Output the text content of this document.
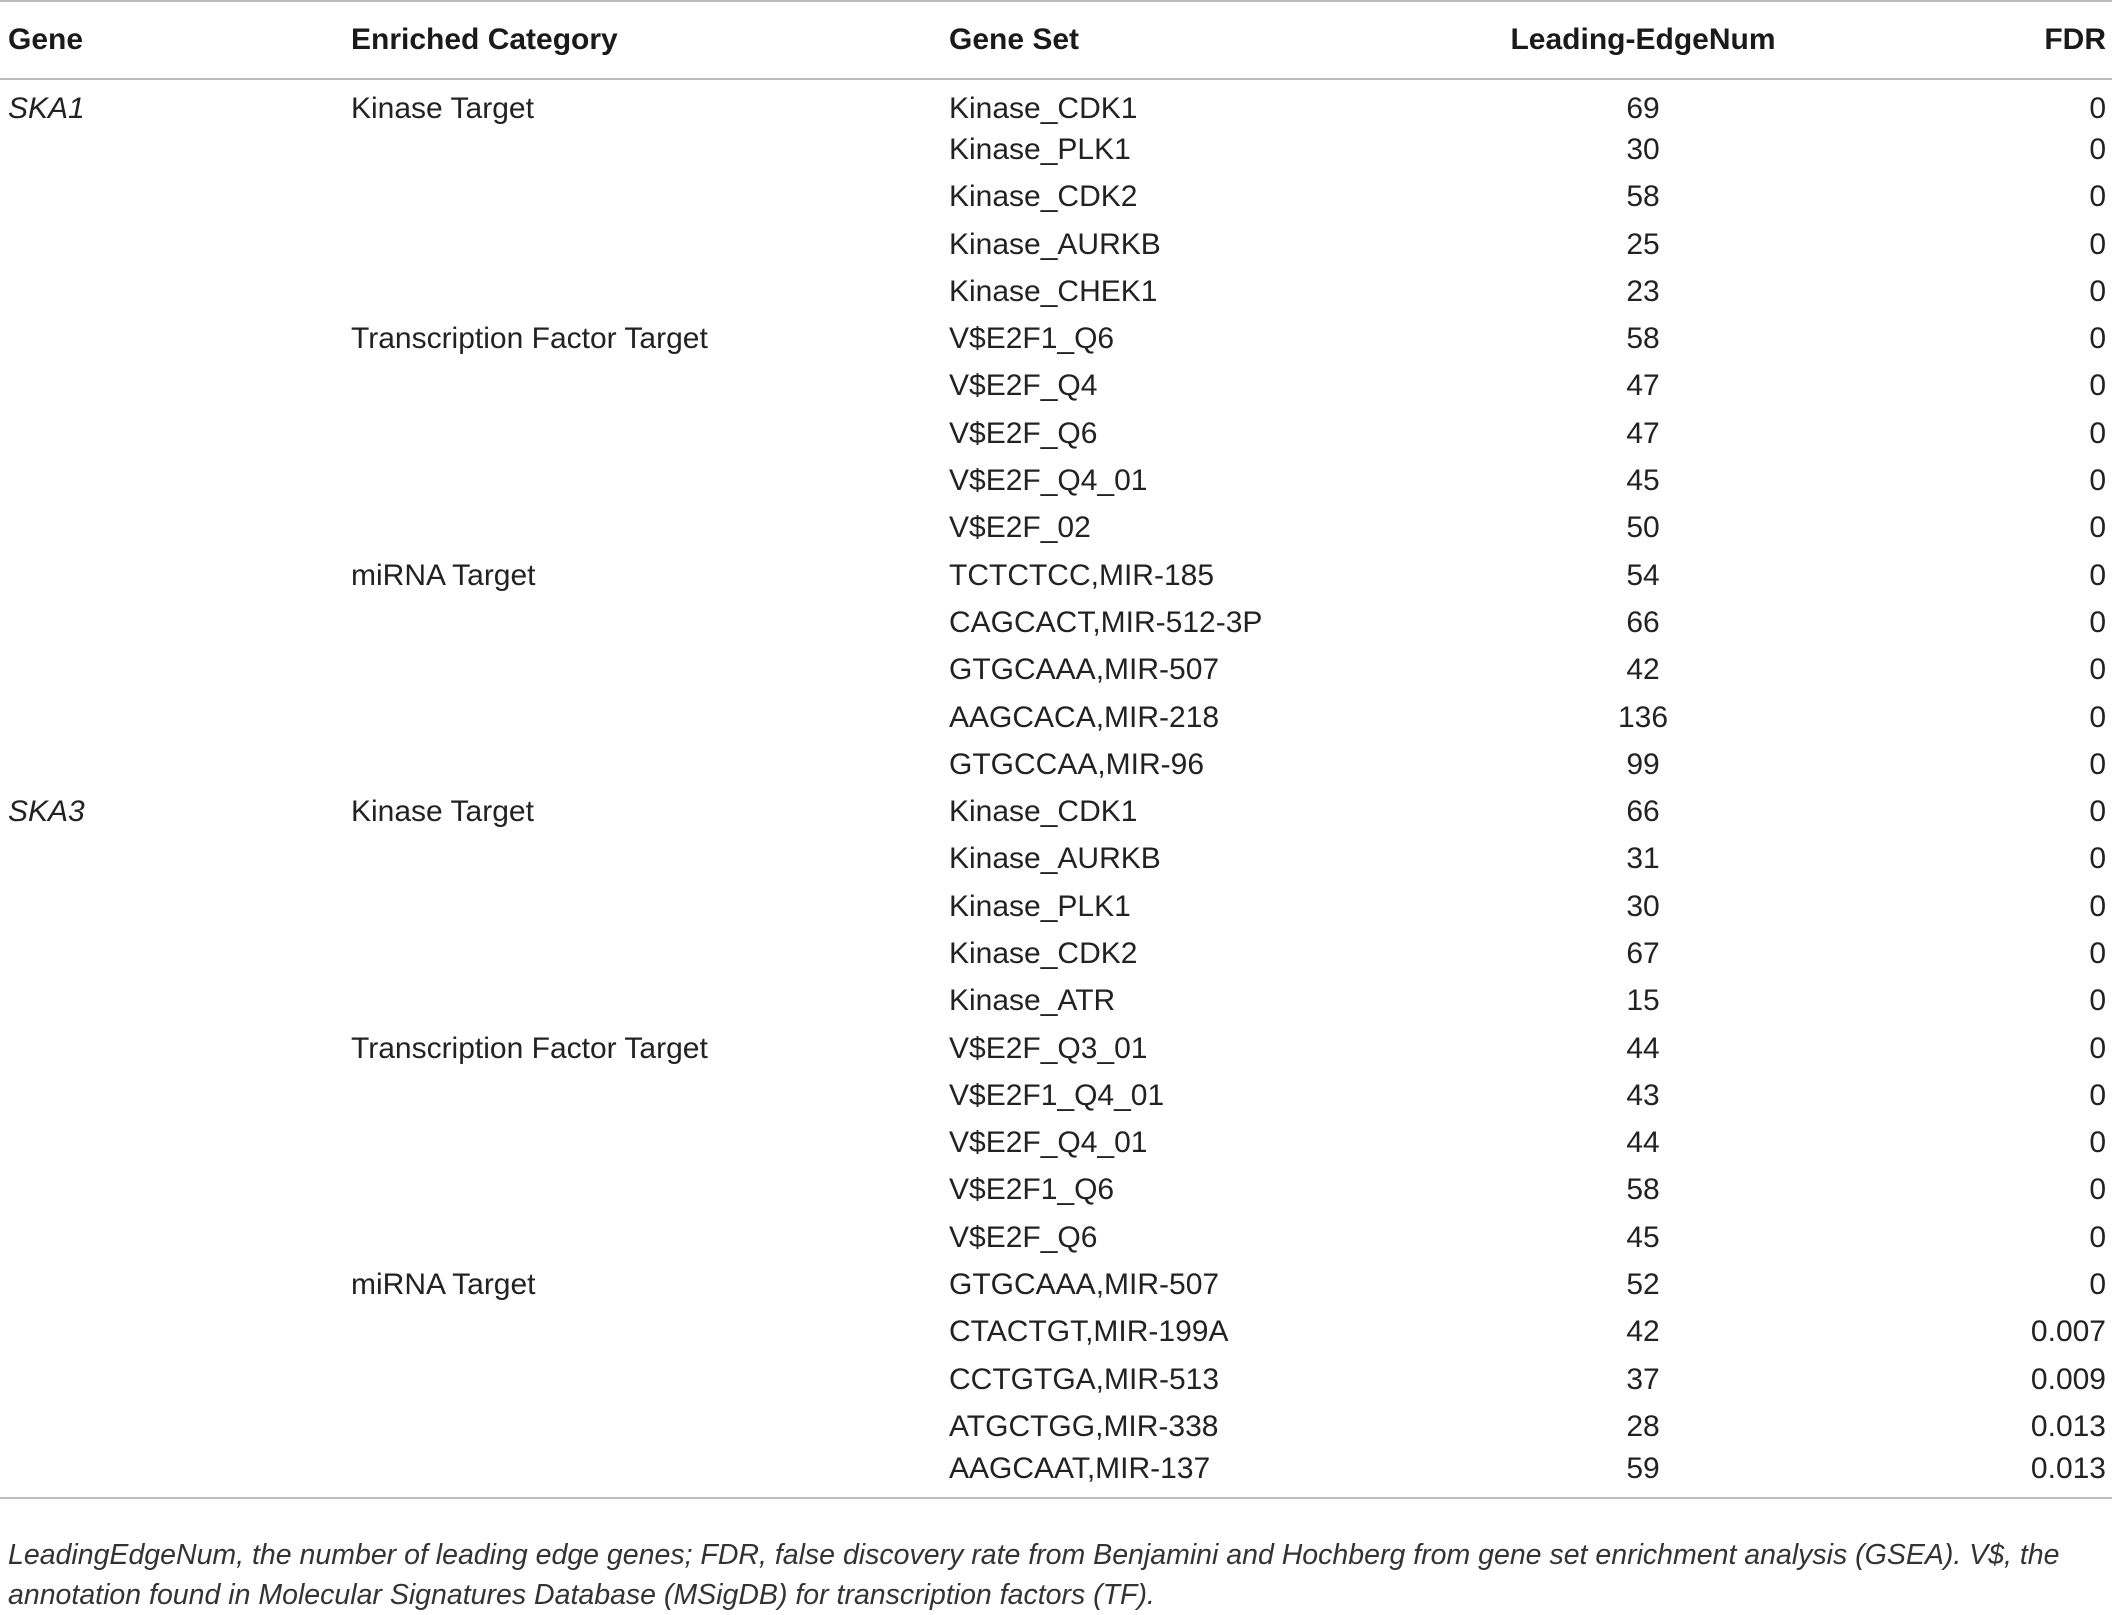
Gene	Enriched Category	Gene Set	Leading-EdgeNum	FDR
SKA1	Kinase Target	Kinase_CDK1	69	0
		Kinase_PLK1	30	0
		Kinase_CDK2	58	0
		Kinase_AURKB	25	0
		Kinase_CHEK1	23	0
	Transcription Factor Target	V$E2F1_Q6	58	0
		V$E2F_Q4	47	0
		V$E2F_Q6	47	0
		V$E2F_Q4_01	45	0
		V$E2F_02	50	0
	miRNA Target	TCTCTCC,MIR-185	54	0
		CAGCACT,MIR-512-3P	66	0
		GTGCAAA,MIR-507	42	0
		AAGCACA,MIR-218	136	0
		GTGCCAA,MIR-96	99	0
SKA3	Kinase Target	Kinase_CDK1	66	0
		Kinase_AURKB	31	0
		Kinase_PLK1	30	0
		Kinase_CDK2	67	0
		Kinase_ATR	15	0
	Transcription Factor Target	V$E2F_Q3_01	44	0
		V$E2F1_Q4_01	43	0
		V$E2F_Q4_01	44	0
		V$E2F1_Q6	58	0
		V$E2F_Q6	45	0
	miRNA Target	GTGCAAA,MIR-507	52	0
		CTACTGT,MIR-199A	42	0.007
		CCTGTGA,MIR-513	37	0.009
		ATGCTGG,MIR-338	28	0.013
		AAGCAAT,MIR-137	59	0.013

LeadingEdgeNum, the number of leading edge genes; FDR, false discovery rate from Benjamini and Hochberg from gene set enrichment analysis (GSEA). V$, the annotation found in Molecular Signatures Database (MSigDB) for transcription factors (TF).
